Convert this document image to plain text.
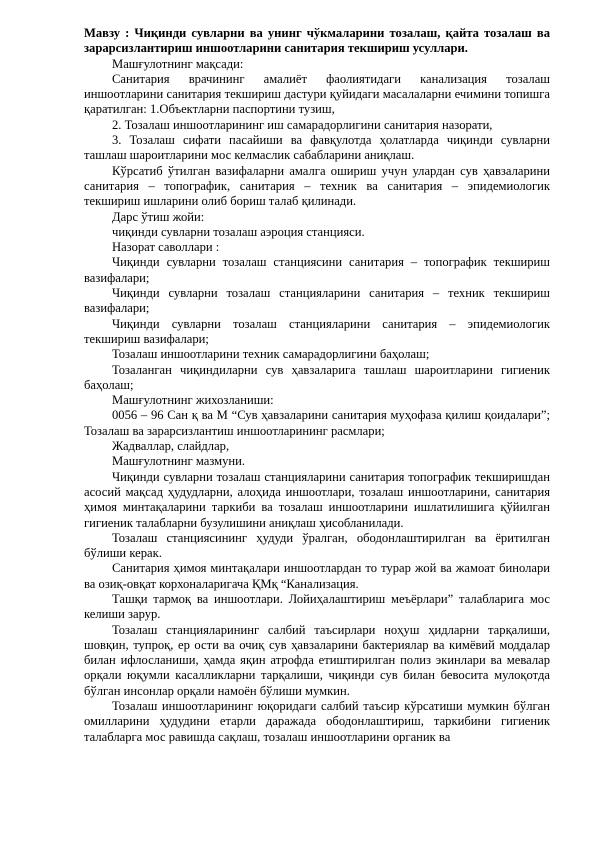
Мавзу : Чиқинди сувларни ва унинг чўкмаларини тозалаш, қайта тозалаш ва зарарсизлантириш иншоотларини санитария текшириш усуллари.

Машғулотнинг мақсади:

Санитария врачининг амалиёт фаолиятидаги канализация тозалаш иншоотларини санитария текшириш дастури қуйидаги масалаларни ечимини топишга қаратилган: 1.Объектларни паспортини тузиш,

2. Тозалаш иншоотларининг иш самарадорлигини санитария назорати,

3. Тозалаш сифати пасайиши ва фавқулотда ҳолатларда чиқинди сувларни ташлаш шароитларини мос келмаслик сабабларини аниқлаш.

Кўрсатиб ўтилган вазифаларни амалга ошириш учун улардан сув ҳавзаларини санитария – топографик, санитария – техник ва санитария – эпидемиологик текшириш ишларини олиб бориш талаб қилинади.

Дарс ўтиш жойи:

чиқинди сувларни тозалаш аэроция станцияси.

Назорат саволлари :

Чиқинди сувларни тозалаш станциясини санитария – топографик текшириш вазифалари;

Чиқинди сувларни тозалаш станцияларини санитария – техник текшириш вазифалари;

Чиқинди сувларни тозалаш станцияларини санитария – эпидемиологик текшириш вазифалари;

Тозалаш иншоотларини техник самарадорлигини баҳолаш;

Тозаланган чиқиндиларни сув ҳавзаларига ташлаш шароитларини гигиеник баҳолаш;

Машғулотнинг жихозланиши:

0056 – 96 Сан қ ва М “Сув ҳавзаларини санитария муҳофаза қилиш қоидалари”; Тозалаш ва зарарсизлантиш иншоотларининг расмлари;

Жадваллар, слайдлар,

Машғулотнинг мазмуни.

Чиқинди сувларни тозалаш станцияларини санитария топографик текширишдан асосий мақсад ҳудудларни, алоҳида иншоотлари, тозалаш иншоотларини, санитария ҳимоя минтақаларини таркиби ва тозалаш иншоотларини ишлатилишига қўйилган гигиеник талабларни бузулишини аниқлаш ҳисобланилади.

Тозалаш станциясининг ҳудуди ўралган, ободонлаштирилган ва ёритилган бўлиши керак.

Санитария ҳимоя минтақалари иншоотлардан то турар жой ва жамоат бинолари ва озиқ-овқат корхоналаригача ҚМқ “Канализация.

Ташқи тармоқ ва иншоотлари. Лойиҳалаштириш меъёрлари” талабларига мос келиши зарур.

Тозалаш станцияларининг салбий таъсирлари ноҳуш ҳидларни тарқалиши, шовқин, тупроқ, ер ости ва очиқ сув ҳавзаларини бактериялар ва кимёвий моддалар билан ифлосланиши, ҳамда яқин атрофда етиштирилган полиз экинлари ва мевалар орқали юқумли касалликларни тарқалиши, чиқинди сув билан бевосита мулоқотда бўлган инсонлар орқали намоён бўлиши мумкин.

Тозалаш иншоотларининг юқоридаги салбий таъсир кўрсатиши мумкин бўлган омилларини ҳудудини етарли даражада ободонлаштириш, таркибини гигиеник талабларга мос равишда сақлаш, тозалаш иншоотларини органик ва
